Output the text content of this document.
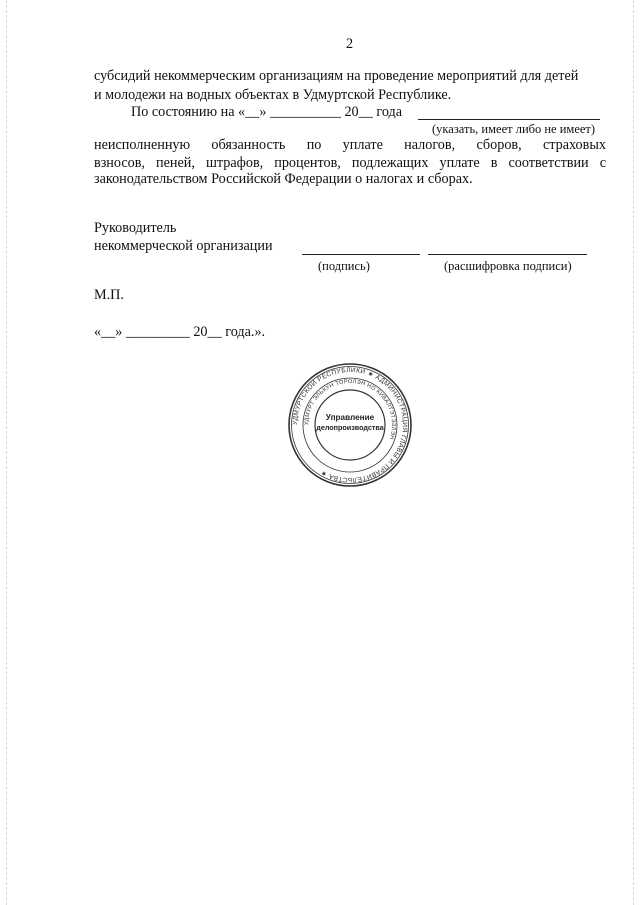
2
субсидий некоммерческим организациям на проведение мероприятий для детей
и молодежи на водных объектах в Удмуртской Республике.
По состоянию на «__» __________ 20__ года
(указать, имеет либо не имеет)
неисполненную обязанность по уплате налогов, сборов, страховых
взносов, пеней, штрафов, процентов, подлежащих уплате в соответствии с
законодательством Российской Федерации о налогах и сборах.
Руководитель
некоммерческой организации
(подпись)	(расшифровка подписи)
М.П.
«__» _________ 20__ года.».
УДМУРТСКОЙ РЕСПУБЛИКИ ★ АДМИНИСТРАЦИЯ ГЛАВЫ И ПРАВИТЕЛЬСТВА ★
УДМУРТ ЭЛЬКУН ТОРОЛЭН НО КИВАЛТЭТЭЗЛЭН
Управление
делопроизводства
